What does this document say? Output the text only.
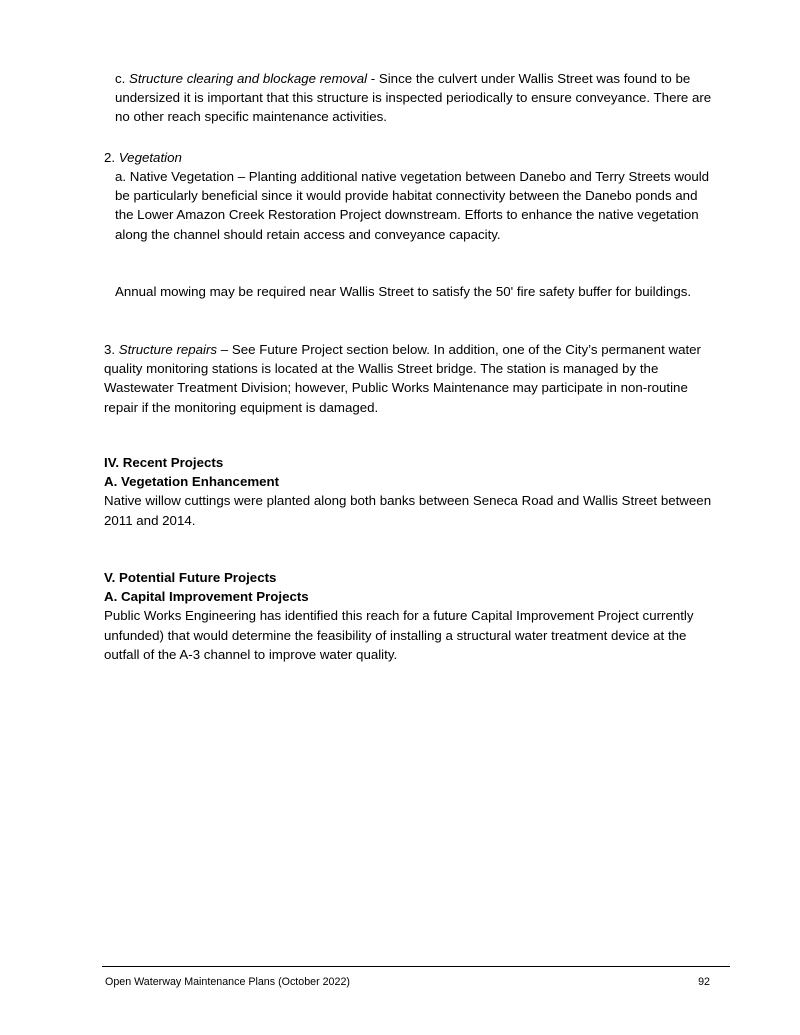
c. Structure clearing and blockage removal - Since the culvert under Wallis Street was found to be undersized it is important that this structure is inspected periodically to ensure conveyance. There are no other reach specific maintenance activities.

2. Vegetation

a. Native Vegetation – Planting additional native vegetation between Danebo and Terry Streets would be particularly beneficial since it would provide habitat connectivity between the Danebo ponds and the Lower Amazon Creek Restoration Project downstream. Efforts to enhance the native vegetation along the channel should retain access and conveyance capacity.

Annual mowing may be required near Wallis Street to satisfy the 50' fire safety buffer for buildings.

3. Structure repairs – See Future Project section below. In addition, one of the City’s permanent water quality monitoring stations is located at the Wallis Street bridge. The station is managed by the Wastewater Treatment Division; however, Public Works Maintenance may participate in non-routine repair if the monitoring equipment is damaged.

IV. Recent Projects

A. Vegetation Enhancement

Native willow cuttings were planted along both banks between Seneca Road and Wallis Street between 2011 and 2014.

V. Potential Future Projects

A. Capital Improvement Projects

Public Works Engineering has identified this reach for a future Capital Improvement Project currently unfunded) that would determine the feasibility of installing a structural water treatment device at the outfall of the A-3 channel to improve water quality.

Open Waterway Maintenance Plans (October 2022)	92
